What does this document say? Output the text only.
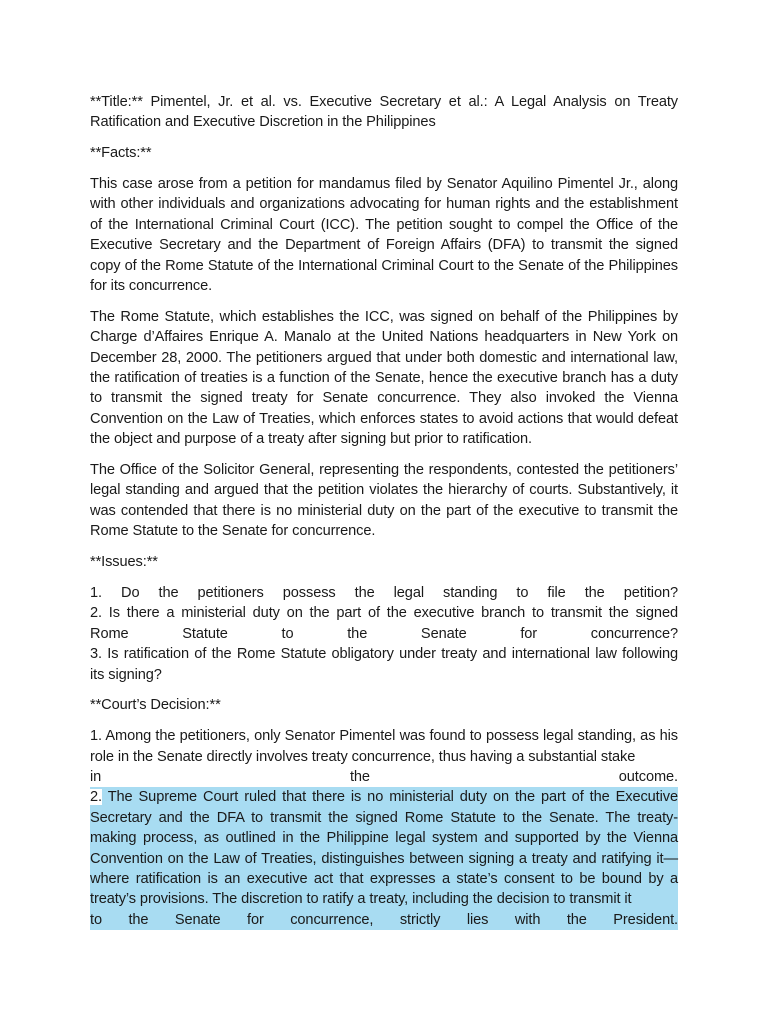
**Title:** Pimentel, Jr. et al. vs. Executive Secretary et al.: A Legal Analysis on Treaty
Ratification and Executive Discretion in the Philippines

**Facts:**

This case arose from a petition for mandamus filed by Senator Aquilino Pimentel Jr., along with other individuals and organizations advocating for human rights and the establishment of the International Criminal Court (ICC). The petition sought to compel the Office of the Executive Secretary and the Department of Foreign Affairs (DFA) to transmit the signed copy of the Rome Statute of the International Criminal Court to the Senate of the Philippines for its concurrence.

The Rome Statute, which establishes the ICC, was signed on behalf of the Philippines by Charge d’Affaires Enrique A. Manalo at the United Nations headquarters in New York on December 28, 2000. The petitioners argued that under both domestic and international law, the ratification of treaties is a function of the Senate, hence the executive branch has a duty to transmit the signed treaty for Senate concurrence. They also invoked the Vienna Convention on the Law of Treaties, which enforces states to avoid actions that would defeat the object and purpose of a treaty after signing but prior to ratification.

The Office of the Solicitor General, representing the respondents, contested the petitioners’ legal standing and argued that the petition violates the hierarchy of courts. Substantively, it was contended that there is no ministerial duty on the part of the executive to transmit the Rome Statute to the Senate for concurrence.

**Issues:**

1. Do the petitioners possess the legal standing to file the petition?
2. Is there a ministerial duty on the part of the executive branch to transmit the signed
Rome Statute to the Senate for concurrence?
3. Is ratification of the Rome Statute obligatory under treaty and international law following its signing?

**Court’s Decision:**

1. Among the petitioners, only Senator Pimentel was found to possess legal standing, as his role in the Senate directly involves treaty concurrence, thus having a substantial stake
in the outcome.
2. The Supreme Court ruled that there is no ministerial duty on the part of the Executive Secretary and the DFA to transmit the signed Rome Statute to the Senate. The treaty-making process, as outlined in the Philippine legal system and supported by the Vienna Convention on the Law of Treaties, distinguishes between signing a treaty and ratifying it—where ratification is an executive act that expresses a state’s consent to be bound by a treaty’s provisions. The discretion to ratify a treaty, including the decision to transmit it
to the Senate for concurrence, strictly lies with the President.
